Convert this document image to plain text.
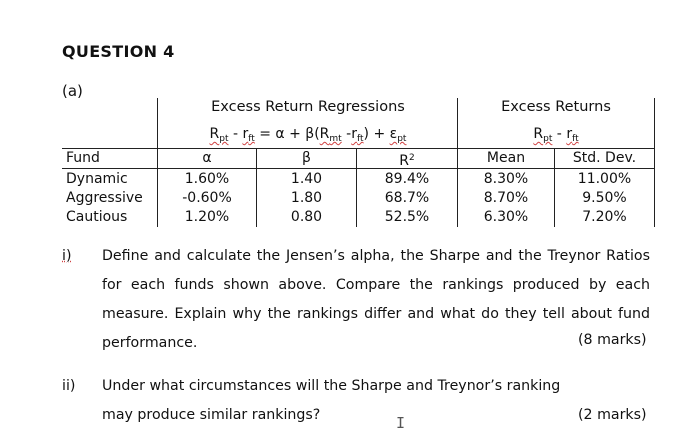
QUESTION 4
(a)
Excess Return Regressions
$R_{pt} - r_{ft} = \alpha + \beta(R_{mt}$ $-r_{ft}) + \varepsilon_{pt}$
Excess Returns
$R_{pt} - r_{ft}$
Fund	α	β	$R^2$	Mean	Std. Dev.
Dynamic	1.60%	1.40	89.4%	8.30%	11.00%
Aggressive	-0.60%	1.80	68.7%	8.70%	9.50%
Cautious	1.20%	0.80	52.5%	6.30%	7.20%
i) Define and calculate the Jensen’s alpha, the Sharpe and the Treynor Ratios for each funds shown above. Compare the rankings produced by each measure. Explain why the rankings differ and what do they tell about fund performance.	(8 marks)
ii) Under what circumstances will the Sharpe and Treynor’s ranking may produce similar rankings?	(2 marks)
I
